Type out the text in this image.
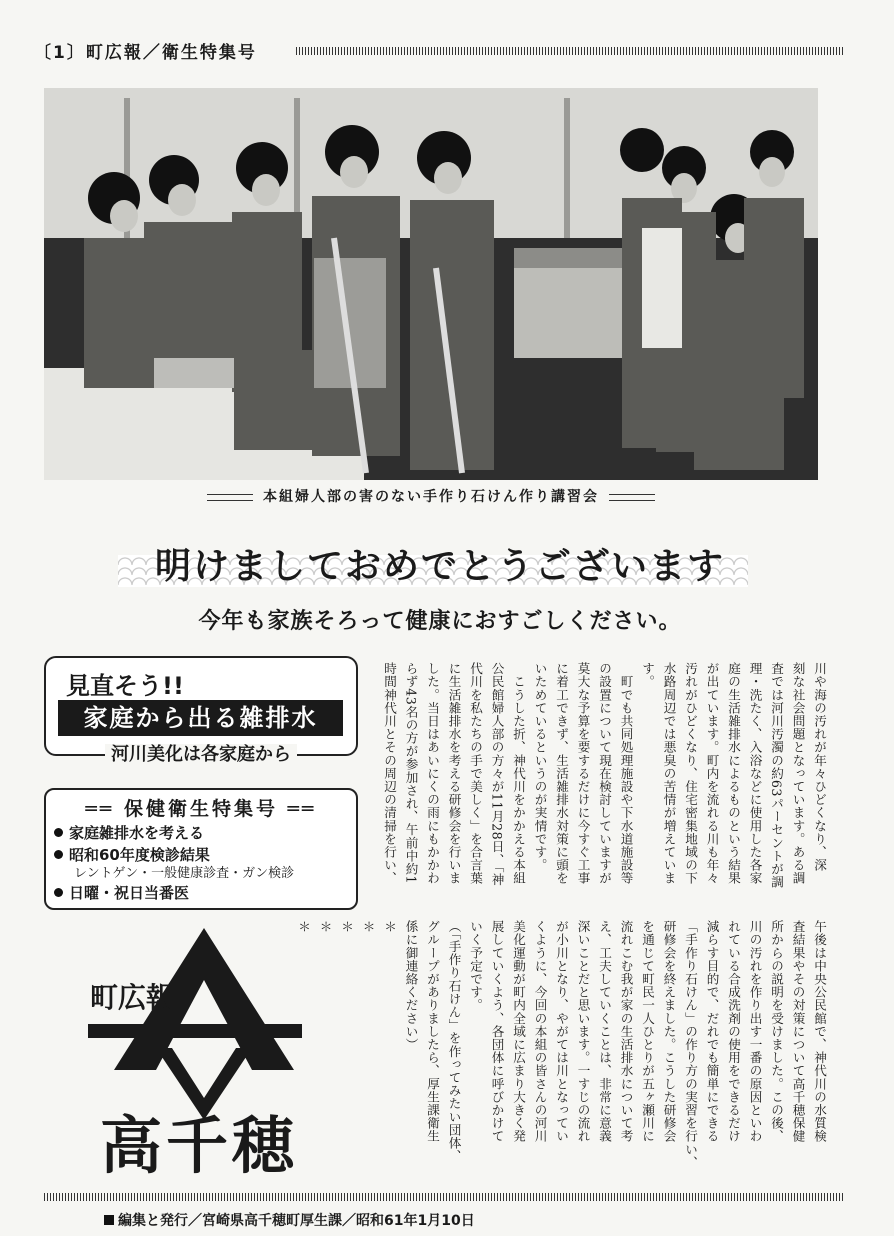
〔1〕町広報／衛生特集号
本組婦人部の害のない手作り石けん作り講習会
明けましておめでとうございます
今年も家族そろって健康におすごしください。
見直そう!!
家庭から出る雑排水
河川美化は各家庭から
══ 保健衛生特集号 ══
家庭雑排水を考える
昭和60年度検診結果
レントゲン・一般健康診査・ガン検診
日曜・祝日当番医
町広報
高千穂
川や海の汚れが年々ひどくなり、深
刻な社会問題となっています。ある調
査では河川汚濁の約63パーセントが調
理・洗たく、入浴などに使用した各家
庭の生活雑排水によるものという結果
が出ています。町内を流れる川も年々
汚れがひどくなり、住宅密集地域の下
水路周辺では悪臭の苦情が増えていま
す。
　町でも共同処理施設や下水道施設等
の設置について現在検討していますが
莫大な予算を要するだけに今すぐ工事
に着工できず、生活雑排水対策に頭を
いためているというのが実情です。
　こうした折、神代川をかかえる本組
公民館婦人部の方々が11月28日、「神
代川を私たちの手で美しく」を合言葉
に生活雑排水を考える研修会を行いま
した。当日はあいにくの雨にもかかわ
らず43名の方が参加され、午前中約1
時間神代川とその周辺の清掃を行い、
午後は中央公民館で、神代川の水質検
査結果やその対策について高千穂保健
所からの説明を受けました。この後、
川の汚れを作り出す一番の原因といわ
れている合成洗剤の使用をできるだけ
減らす目的で、だれでも簡単にできる
「手作り石けん」の作り方の実習を行い、
研修会を終えました。こうした研修会
を通じて町民一人ひとりが五ヶ瀬川に
流れこむ我が家の生活排水について考
え、工夫していくことは、非常に意義
深いことだと思います。一すじの流れ
が小川となり、やがては川となってい
くように、今回の本組の皆さんの河川
美化運動が町内全域に広まり大きく発
展していくよう、各団体に呼びかけて
いく予定です。
（「手作り石けん」を作ってみたい団体、
グループがありましたら、厚生課衛生
係に御連絡ください）
＊
＊
＊
＊
＊
編集と発行／宮崎県高千穂町厚生課／昭和61年1月10日
